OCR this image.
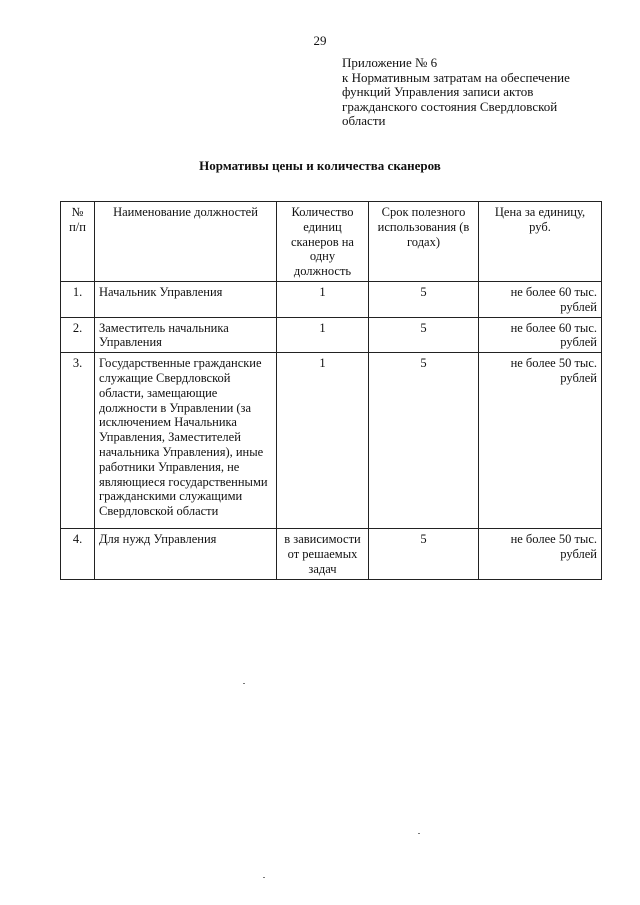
29
Приложение № 6
к Нормативным затратам на обеспечение
функций Управления записи актов
гражданского состояния Свердловской
области
Нормативы цены и количества сканеров
№ п/п	Наименование должностей	Количество единиц сканеров на одну должность	Срок полезного использования (в годах)	Цена за единицу, руб.
1.	Начальник Управления	1	5	не более 60 тыс. рублей
2.	Заместитель начальника Управления	1	5	не более 60 тыс. рублей
3.	Государственные гражданские служащие Свердловской области, замещающие должности в Управлении (за исключением Начальника Управления, Заместителей начальника Управления), иные работники Управления, не являющиеся государственными гражданскими служащими Свердловской области	1	5	не более 50 тыс. рублей
4.	Для нужд Управления	в зависимости от решаемых задач	5	не более 50 тыс. рублей
